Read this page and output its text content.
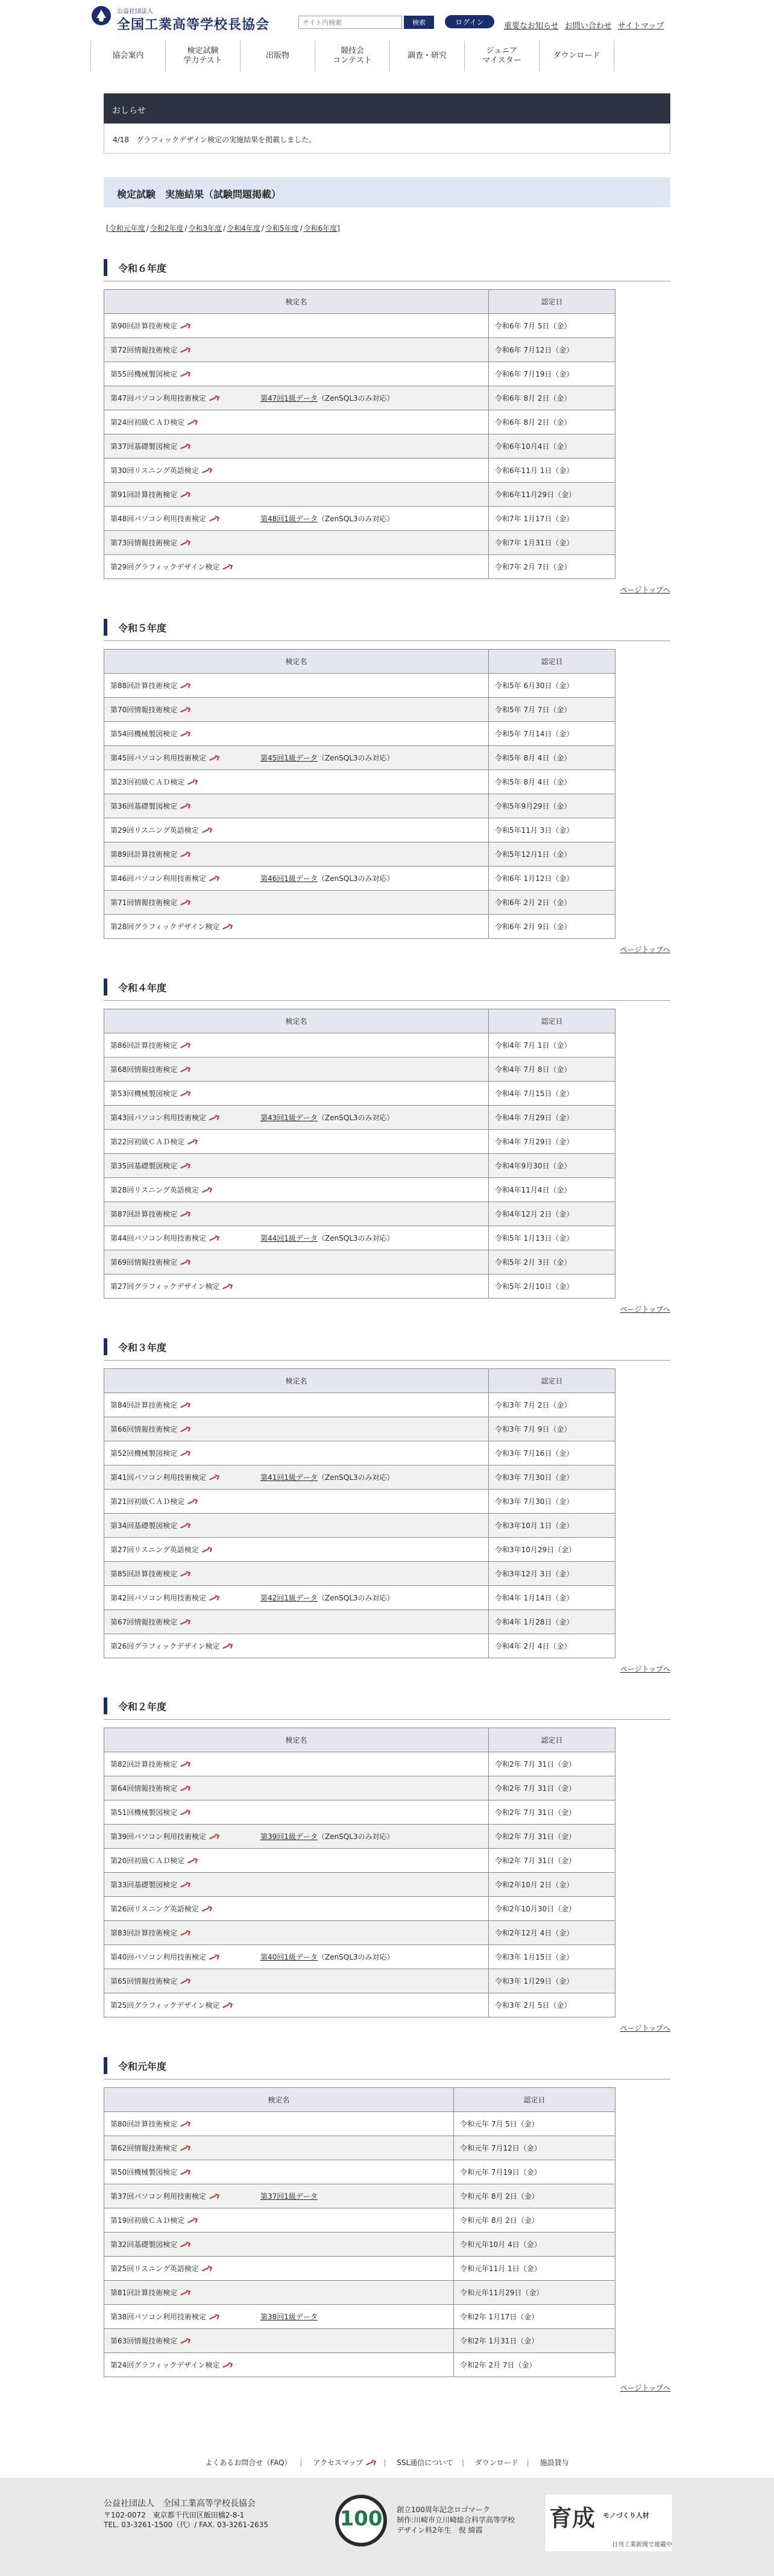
公益社団法人
全国工業高等学校長協会
サイト内検索	検索	ログイン	重要なお知らせ お問い合わせ サイトマップ
協会案内
検定試験
学力テスト
出版物
競技会
コンテスト
調査・研究
ジュニア
マイスター
ダウンロード
おしらせ
4/18　 グラフィックデザイン検定の実施結果を掲載しました。
検定試験　実施結果（試験問題掲載）
[令和元年度 / 令和2年度 / 令和3年度 / 令和4年度 / 令和5年度 / 令和6年度]
令和６年度
検定名	認定日
第90回計算技術検定	令和6年 7月 5日（金）
第72回情報技術検定	令和6年 7月12日（金）
第55回機械製図検定	令和6年 7月19日（金）
第47回パソコン利用技術検定 第47回1級データ（ZenSQL3のみ対応）	令和6年 8月 2日（金）
第24回初級ＣＡＤ検定	令和6年 8月 2日（金）
第37回基礎製図検定	令和6年10月4日（金）
第30回リスニング英語検定	令和6年11月 1日（金）
第91回計算技術検定	令和6年11月29日（金）
第48回パソコン利用技術検定 第48回1級データ（ZenSQL3のみ対応）	令和7年 1月17日（金）
第73回情報技術検定	令和7年 1月31日（金）
第29回グラフィックデザイン検定	令和7年 2月 7日（金）
ページトップへ
令和５年度
検定名	認定日
第88回計算技術検定	令和5年 6月30日（金）
第70回情報技術検定	令和5年 7月 7日（金）
第54回機械製図検定	令和5年 7月14日（金）
第45回パソコン利用技術検定 第45回1級データ（ZenSQL3のみ対応）	令和5年 8月 4日（金）
第23回初級ＣＡＤ検定	令和5年 8月 4日（金）
第36回基礎製図検定	令和5年9月29日（金）
第29回リスニング英語検定	令和5年11月 3日（金）
第89回計算技術検定	令和5年12月1日（金）
第46回パソコン利用技術検定 第46回1級データ（ZenSQL3のみ対応）	令和6年 1月12日（金）
第71回情報技術検定	令和6年 2月 2日（金）
第28回グラフィックデザイン検定	令和6年 2月 9日（金）
ページトップへ
令和４年度
検定名	認定日
第86回計算技術検定	令和4年 7月 1日（金）
第68回情報技術検定	令和4年 7月 8日（金）
第53回機械製図検定	令和4年 7月15日（金）
第43回パソコン利用技術検定 第43回1級データ（ZenSQL3のみ対応）	令和4年 7月29日（金）
第22回初級ＣＡＤ検定	令和4年 7月29日（金）
第35回基礎製図検定	令和4年9月30日（金）
第28回リスニング英語検定	令和4年11月4日（金）
第87回計算技術検定	令和4年12月 2日（金）
第44回パソコン利用技術検定 第44回1級データ（ZenSQL3のみ対応）	令和5年 1月13日（金）
第69回情報技術検定	令和5年 2月 3日（金）
第27回グラフィックデザイン検定	令和5年 2月10日（金）
ページトップへ
令和３年度
検定名	認定日
第84回計算技術検定	令和3年 7月 2日（金）
第66回情報技術検定	令和3年 7月 9日（金）
第52回機械製図検定	令和3年 7月16日（金）
第41回パソコン利用技術検定 第41回1級データ（ZenSQL3のみ対応）	令和3年 7月30日（金）
第21回初級ＣＡＤ検定	令和3年 7月30日（金）
第34回基礎製図検定	令和3年10月 1日（金）
第27回リスニング英語検定	令和3年10月29日（金）
第85回計算技術検定	令和3年12月 3日（金）
第42回パソコン利用技術検定 第42回1級データ（ZenSQL3のみ対応）	令和4年 1月14日（金）
第67回情報技術検定	令和4年 1月28日（金）
第26回グラフィックデザイン検定	令和4年 2月 4日（金）
ページトップへ
令和２年度
検定名	認定日
第82回計算技術検定	令和2年 7月 31日（金）
第64回情報技術検定	令和2年 7月 31日（金）
第51回機械製図検定	令和2年 7月 31日（金）
第39回パソコン利用技術検定 第39回1級データ（ZenSQL3のみ対応）	令和2年 7月 31日（金）
第20回初級ＣＡＤ検定	令和2年 7月 31日（金）
第33回基礎製図検定	令和2年10月 2日（金）
第26回リスニング英語検定	令和2年10月30日（金）
第83回計算技術検定	令和2年12月 4日（金）
第40回パソコン利用技術検定 第40回1級データ（ZenSQL3のみ対応）	令和3年 1月15日（金）
第65回情報技術検定	令和3年 1月29日（金）
第25回グラフィックデザイン検定	令和3年 2月 5日（金）
ページトップへ
令和元年度
検定名	認定日
第80回計算技術検定	令和元年 7月 5日（金）
第62回情報技術検定	令和元年 7月12日（金）
第50回機械製図検定	令和元年 7月19日（金）
第37回パソコン利用技術検定 第37回1級データ	令和元年 8月 2日（金）
第19回初級ＣＡＤ検定	令和元年 8月 2日（金）
第32回基礎製図検定	令和元年10月 4日（金）
第25回リスニング英語検定	令和元年11月 1日（金）
第81回計算技術検定	令和元年11月29日（金）
第38回パソコン利用技術検定 第38回1級データ	令和2年 1月17日（金）
第63回情報技術検定	令和2年 1月31日（金）
第24回グラフィックデザイン検定	令和2年 2月 7日（金）
ページトップへ
よくあるお問合せ（FAQ） | アクセスマップ	| SSL通信について | ダウンロード | 施設貸与
公益社団法人　全国工業高等学校長協会
〒102-0072　東京都千代田区飯田橋2-8-1
TEL. 03-3261-1500（代）/ FAX. 03-3261-2635	100 創立100周年記念ロゴマーク
制作:川崎市立川崎総合科学高等学校
デザイン科2年生　倪 綺霞	育成 モノづくり人材
日刊工業新聞で連載中
